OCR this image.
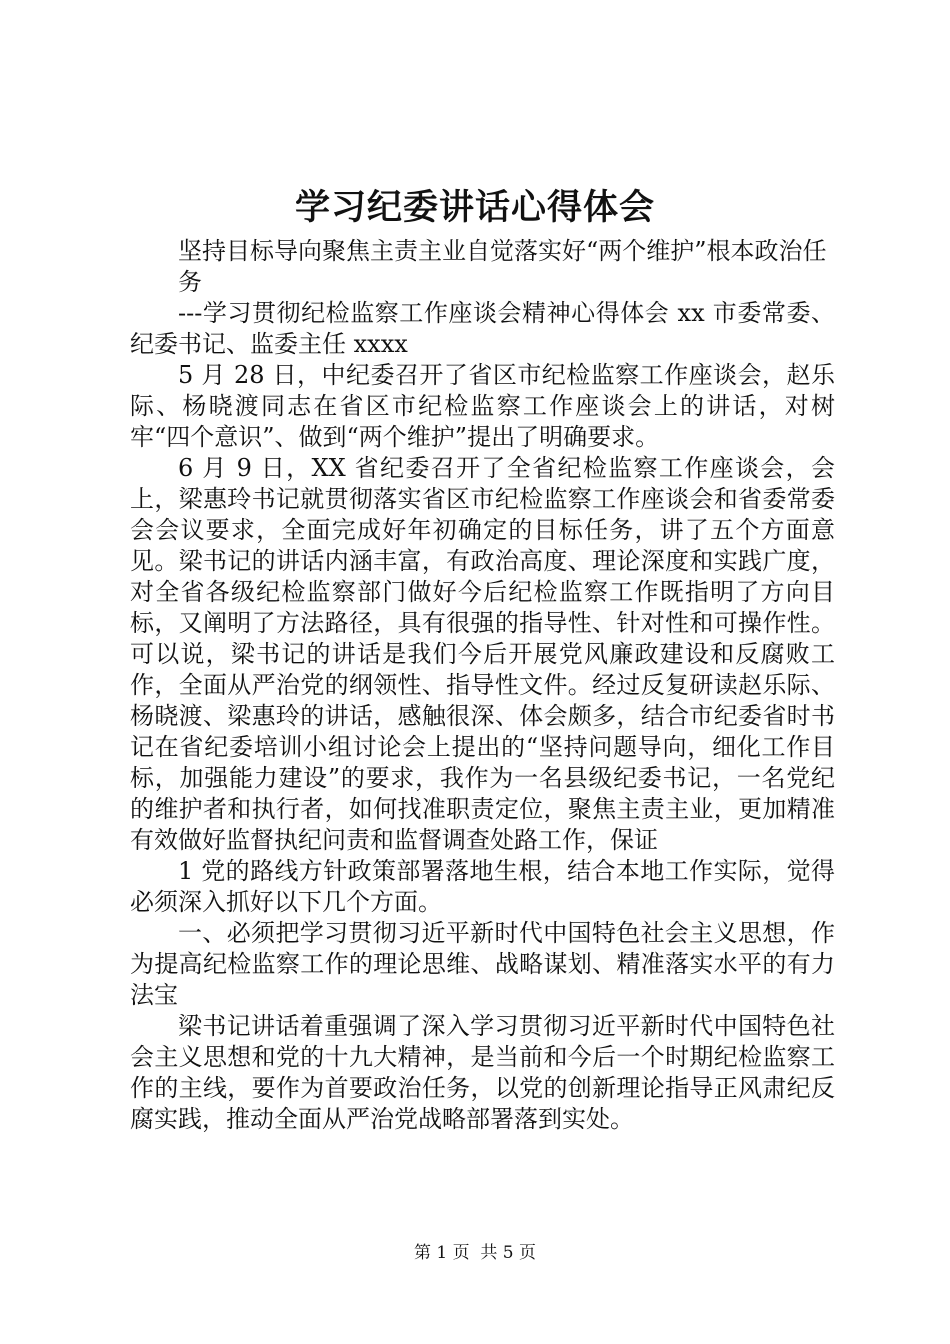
学习纪委讲话心得体会

坚持目标导向聚焦主责主业自觉落实好“两个维护”根本政治任

务

---学习贯彻纪检监察工作座谈会精神心得体会 xx 市委常委、纪委书记、监委主任 xxxx

5 月 28 日，中纪委召开了省区市纪检监察工作座谈会，赵乐际、杨晓渡同志在省区市纪检监察工作座谈会上的讲话，对树牢“四个意识”、做到“两个维护”提出了明确要求。

6 月 9 日，XX 省纪委召开了全省纪检监察工作座谈会，会上，梁惠玲书记就贯彻落实省区市纪检监察工作座谈会和省委常委会会议要求，全面完成好年初确定的目标任务，讲了五个方面意见。梁书记的讲话内涵丰富，有政治高度、理论深度和实践广度，对全省各级纪检监察部门做好今后纪检监察工作既指明了方向目标，又阐明了方法路径，具有很强的指导性、针对性和可操作性。可以说，梁书记的讲话是我们今后开展党风廉政建设和反腐败工作，全面从严治党的纲领性、指导性文件。经过反复研读赵乐际、杨晓渡、梁惠玲的讲话，感触很深、体会颇多，结合市纪委省时书记在省纪委培训小组讨论会上提出的“坚持问题导向，细化工作目标，加强能力建设”的要求，我作为一名县级纪委书记，一名党纪的维护者和执行者，如何找准职责定位，聚焦主责主业，更加精准有效做好监督执纪问责和监督调查处路工作，保证

1 党的路线方针政策部署落地生根，结合本地工作实际，觉得必须深入抓好以下几个方面。

一、必须把学习贯彻习近平新时代中国特色社会主义思想，作为提高纪检监察工作的理论思维、战略谋划、精准落实水平的有力法宝

梁书记讲话着重强调了深入学习贯彻习近平新时代中国特色社会主义思想和党的十九大精神，是当前和今后一个时期纪检监察工作的主线，要作为首要政治任务，以党的创新理论指导正风肃纪反腐实践，推动全面从严治党战略部署落到实处。

第 1 页 共 5 页
